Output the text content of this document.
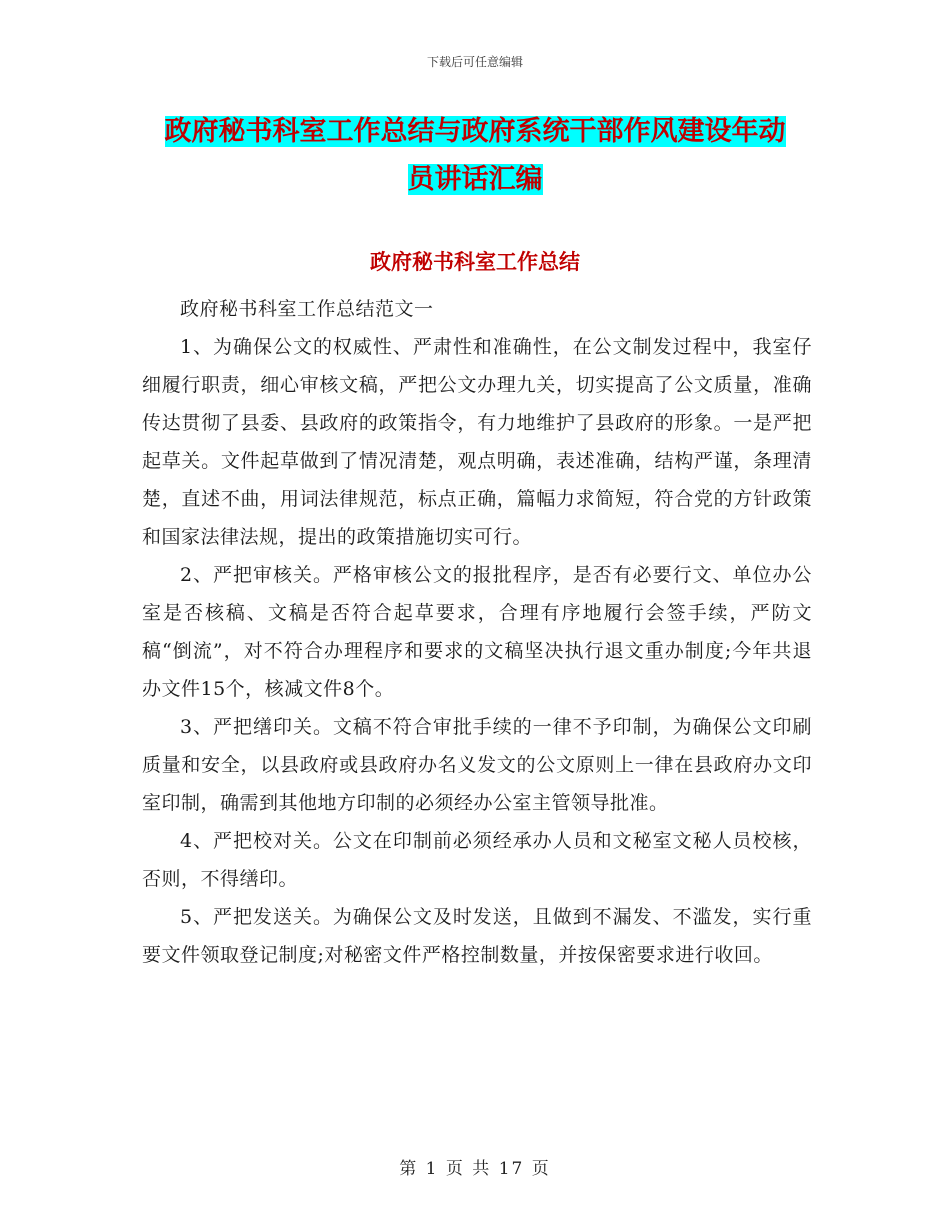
下载后可任意编辑
政府秘书科室工作总结与政府系统干部作风建设年动
员讲话汇编
政府秘书科室工作总结

政府秘书科室工作总结范文一

1、为确保公文的权威性、严肃性和准确性，在公文制发过程中，我室仔细履行职责，细心审核文稿，严把公文办理九关，切实提高了公文质量，准确传达贯彻了县委、县政府的政策指令，有力地维护了县政府的形象。一是严把起草关。文件起草做到了情况清楚，观点明确，表述准确，结构严谨，条理清楚，直述不曲，用词法律规范，标点正确，篇幅力求简短，符合党的方针政策和国家法律法规，提出的政策措施切实可行。

2、严把审核关。严格审核公文的报批程序，是否有必要行文、单位办公室是否核稿、文稿是否符合起草要求，合理有序地履行会签手续，严防文稿“倒流”，对不符合办理程序和要求的文稿坚决执行退文重办制度;今年共退办文件15个，核减文件8个。

3、严把缮印关。文稿不符合审批手续的一律不予印制，为确保公文印刷质量和安全，以县政府或县政府办名义发文的公文原则上一律在县政府办文印室印制，确需到其他地方印制的必须经办公室主管领导批准。

4、严把校对关。公文在印制前必须经承办人员和文秘室文秘人员校核，否则，不得缮印。

5、严把发送关。为确保公文及时发送，且做到不漏发、不滥发，实行重要文件领取登记制度;对秘密文件严格控制数量，并按保密要求进行收回。

第 1 页 共 17 页
